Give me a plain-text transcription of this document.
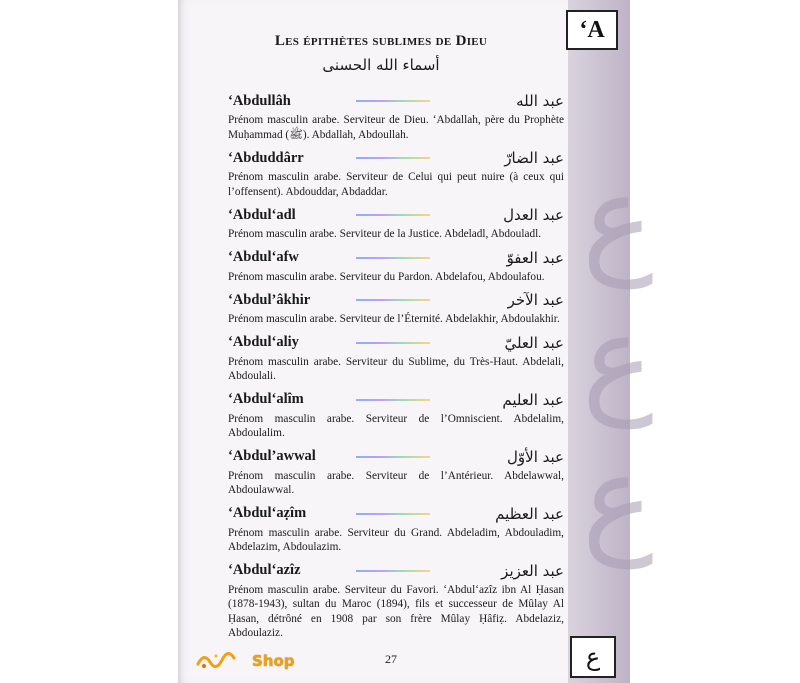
ع
ع
ع
‘A
Les épithètes sublimes de Dieu
أسماء الله الحسنى
‘Abdullâh	عبد الله
Prénom masculin arabe. Serviteur de Dieu. ‘Abdallah, père du Prophète Muḥammad (ﷺ). Abdallah, Abdoullah.
‘Abduddârr	عبد الضارّ
Prénom masculin arabe. Serviteur de Celui qui peut nuire (à ceux qui l’offensent). Abdouddar, Abdaddar.
‘Abdul‘adl	عبد العدل
Prénom masculin arabe. Serviteur de la Justice. Abdeladl, Abdouladl.
‘Abdul‘afw	عبد العفوّ
Prénom masculin arabe. Serviteur du Pardon. Abdelafou, Abdoulafou.
‘Abdul’âkhir	عبد الآخر
Prénom masculin arabe. Serviteur de l’Éternité. Abdelakhir, Abdoulakhir.
‘Abdul‘aliy	عبد العليّ
Prénom masculin arabe. Serviteur du Sublime, du Très-Haut. Abdelali, Abdoulali.
‘Abdul‘alîm	عبد العليم
Prénom masculin arabe. Serviteur de l’Omniscient. Abdelalim, Abdoulalim.
‘Abdul’awwal	عبد الأوّل
Prénom masculin arabe. Serviteur de l’Antérieur. Abdelawwal, Abdoulawwal.
‘Abdul‘aẓîm	عبد العظيم
Prénom masculin arabe. Serviteur du Grand. Abdeladim, Abdouladim, Abdelazim, Abdoulazim.
‘Abdul‘azîz	عبد العزيز
Prénom masculin arabe. Serviteur du Favori. ‘Abdul‘azîz ibn Al Ḥasan (1878-1943), sultan du Maroc (1894), fils et successeur de Mûlay Al Ḥasan, détrôné en 1908 par son frère Mûlay Ḥâfiẓ. Abdelaziz, Abdoulaziz.
Shop	27	ع
